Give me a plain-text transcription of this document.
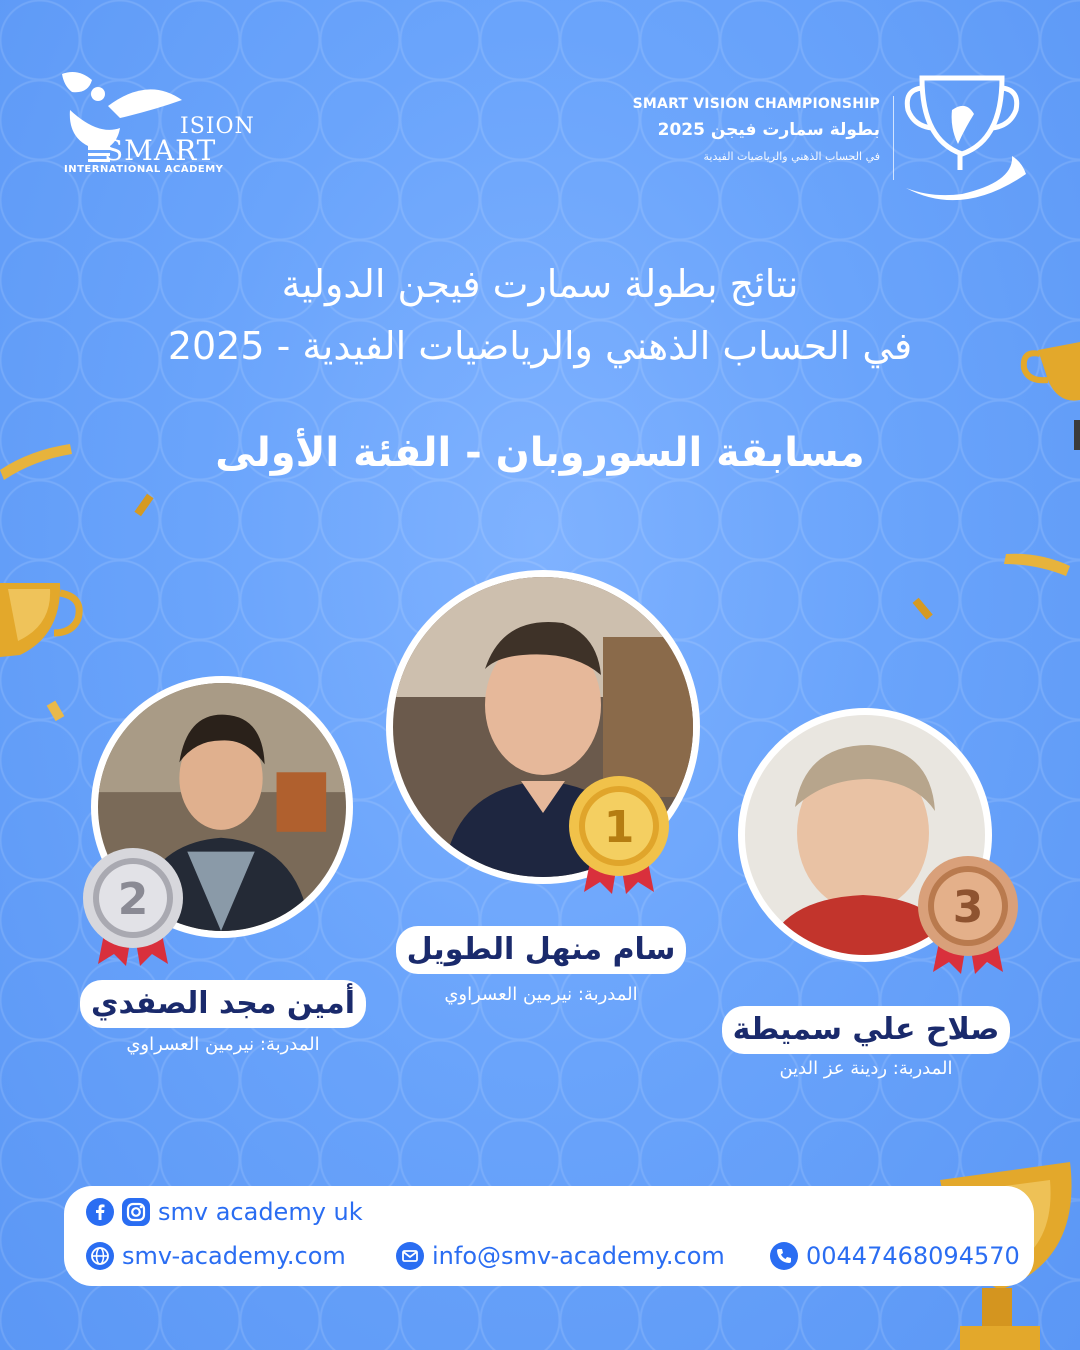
ISION
SMART
INTERNATIONAL ACADEMY
SMART VISION CHAMPIONSHIP
بطولة سمارت فيجن 2025
في الحساب الذهني والرياضيات الفيدية
نتائج بطولة سمارت فيجن الدولية
في الحساب الذهني والرياضيات الفيدية - 2025
مسابقة السوروبان - الفئة الأولى
1
سام منهل الطويل
المدربة: نيرمين العسراوي
2
أمين مجد الصفدي
المدربة: نيرمين العسراوي
3
صلاح علي سميطة
المدربة: ردينة عز الدين
smv academy uk
smv-academy.com	info@smv-academy.com	00447468094570
